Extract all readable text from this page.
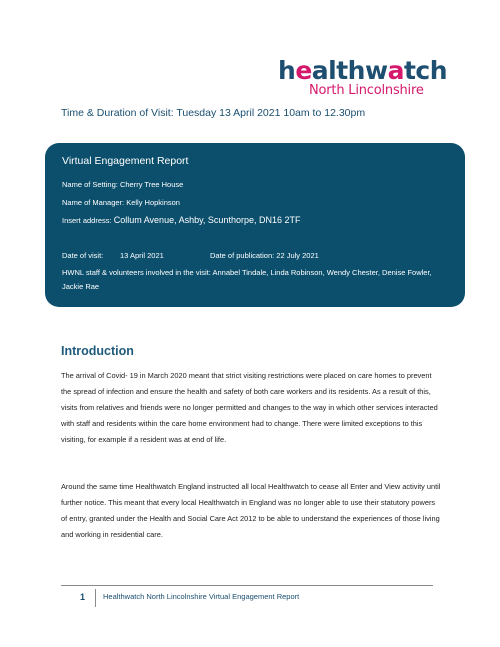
healthwatch
North Lincolnshire
Time & Duration of Visit: Tuesday 13 April 2021 10am to 12.30pm
Virtual Engagement Report
Name of Setting: Cherry Tree House
Name of Manager: Kelly Hopkinson
Insert address: Collum Avenue, Ashby, Scunthorpe, DN16 2TF
Date of visit: 13 April 2021	Date of publication: 22 July 2021
HWNL staff & volunteers involved in the visit: Annabel Tindale, Linda Robinson, Wendy Chester, Denise Fowler, Jackie Rae
Introduction

The arrival of Covid- 19 in March 2020 meant that strict visiting restrictions were placed on care homes to prevent the spread of infection and ensure the health and safety of both care workers and its residents. As a result of this, visits from relatives and friends were no longer permitted and changes to the way in which other services interacted with staff and residents within the care home environment had to change. There were limited exceptions to this visiting, for example if a resident was at end of life.

Around the same time Healthwatch England instructed all local Healthwatch to cease all Enter and View activity until further notice. This meant that every local Healthwatch in England was no longer able to use their statutory powers of entry, granted under the Health and Social Care Act 2012 to be able to understand the experiences of those living and working in residential care.

1 Healthwatch North Lincolnshire Virtual Engagement Report
